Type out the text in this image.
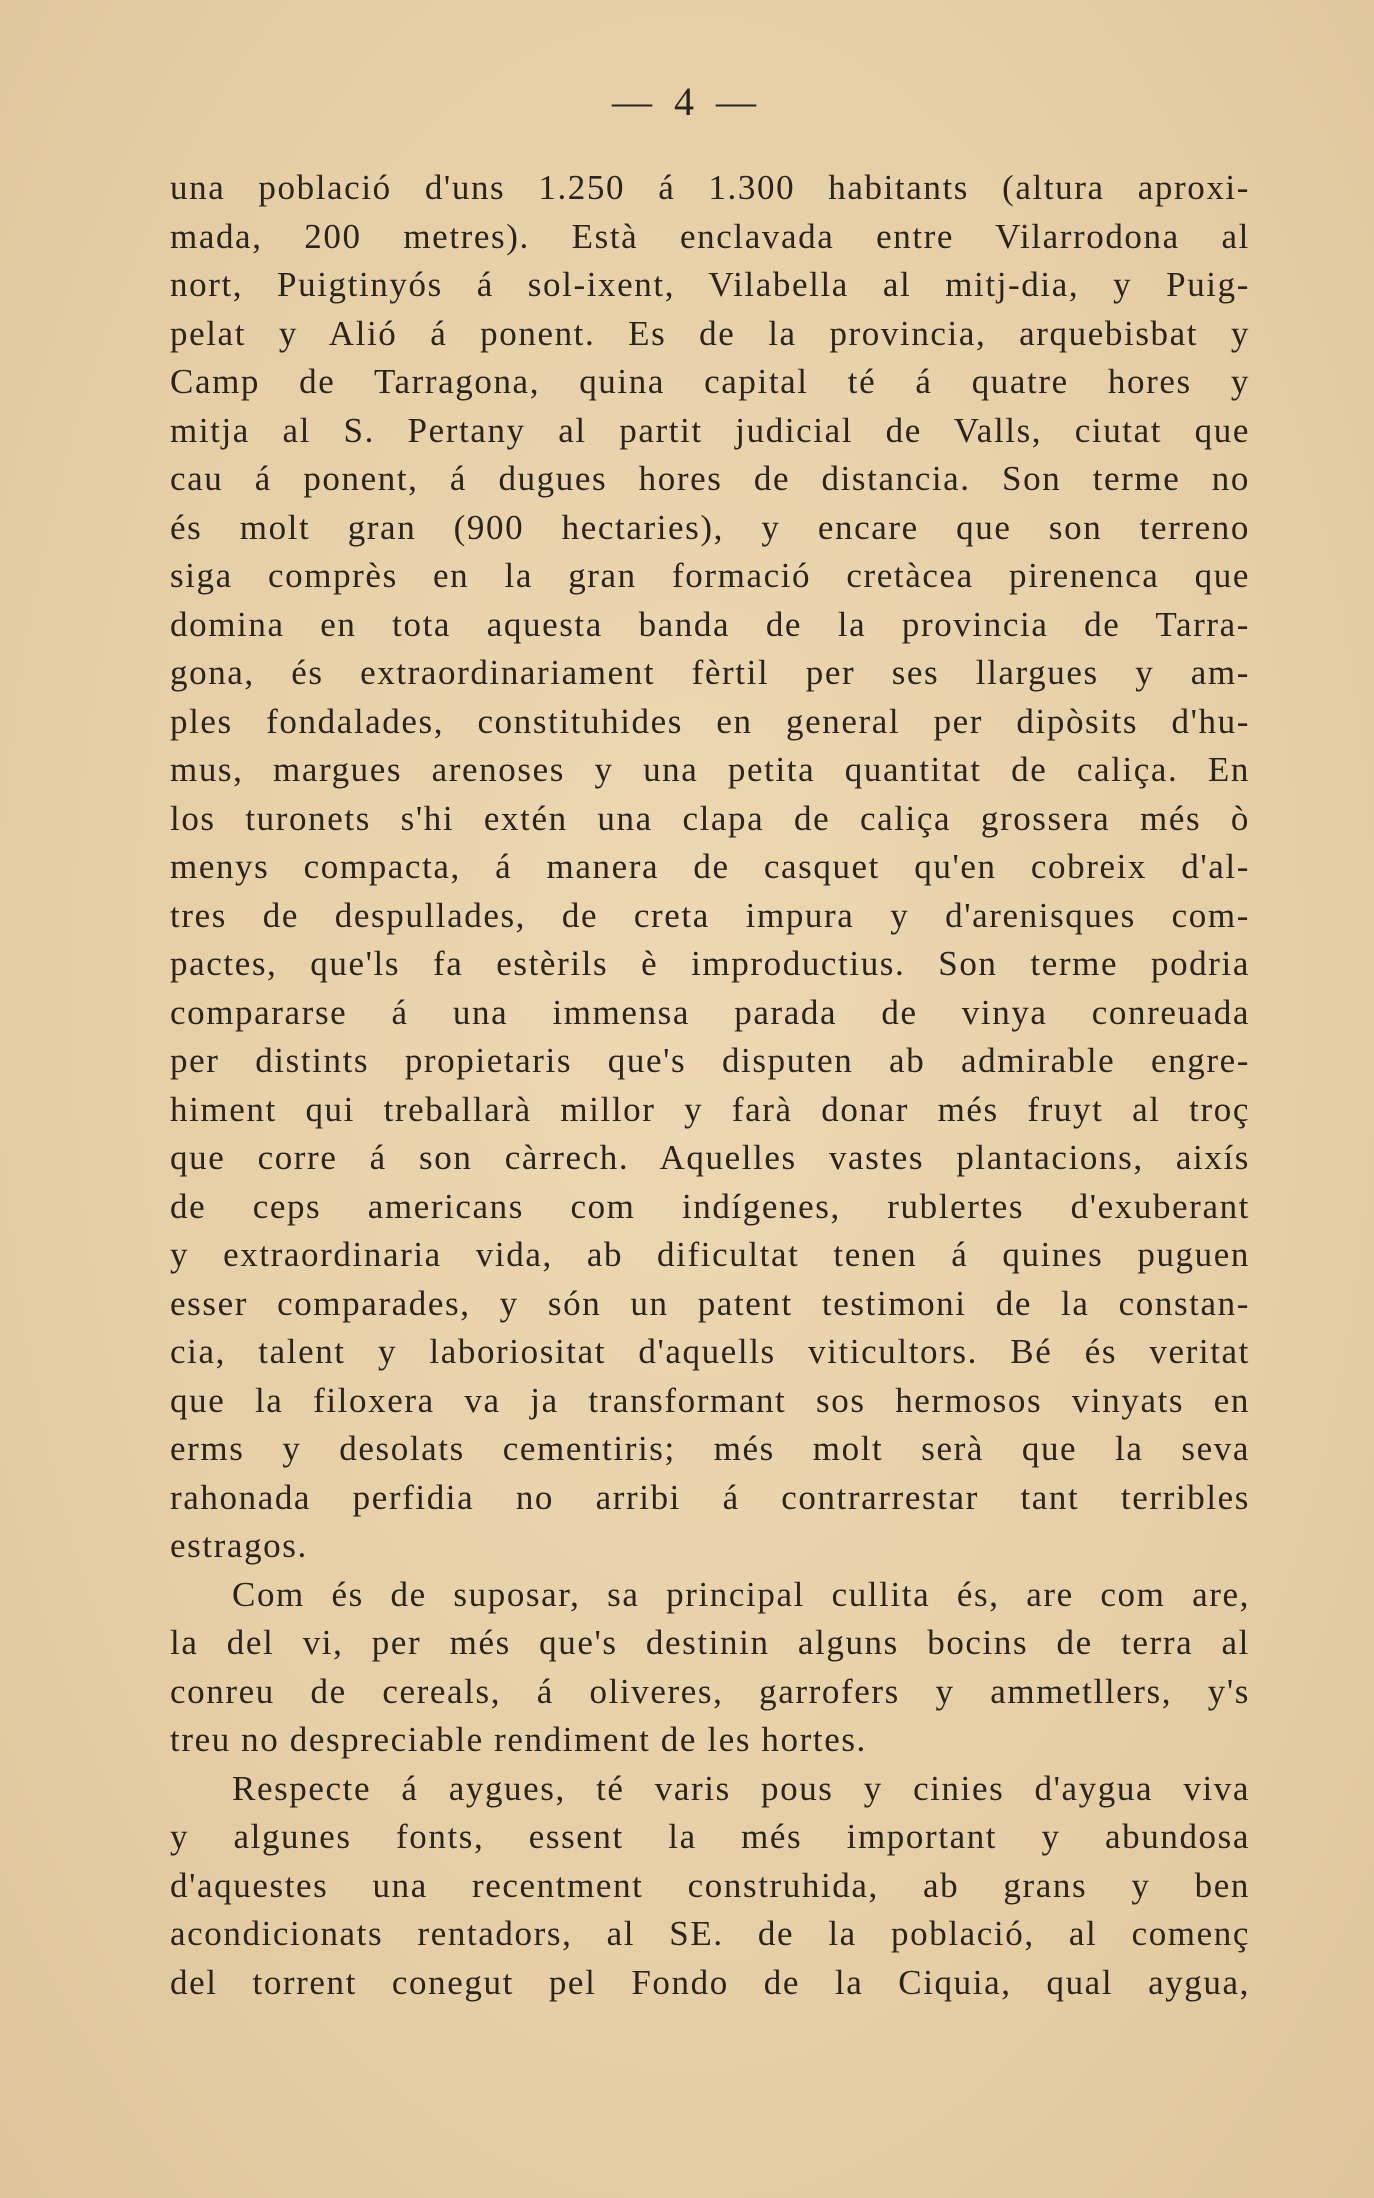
— 4 —
una població d'uns 1.250 á 1.300 habitants (altura aproxi-
mada, 200 metres). Està enclavada entre Vilarrodona al
nort, Puigtinyós á sol-ixent, Vilabella al mitj-dia, y Puig-
pelat y Alió á ponent. Es de la provincia, arquebisbat y
Camp de Tarragona, quina capital té á quatre hores y
mitja al S. Pertany al partit judicial de Valls, ciutat que
cau á ponent, á dugues hores de distancia. Son terme no
és molt gran (900 hectaries), y encare que son terreno
siga comprès en la gran formació cretàcea pirenenca que
domina en tota aquesta banda de la provincia de Tarra-
gona, és extraordinariament fèrtil per ses llargues y am-
ples fondalades, constituhides en general per dipòsits d'hu-
mus, margues arenoses y una petita quantitat de caliça. En
los turonets s'hi extén una clapa de caliça grossera més ò
menys compacta, á manera de casquet qu'en cobreix d'al-
tres de despullades, de creta impura y d'arenisques com-
pactes, que'ls fa estèrils è improductius. Son terme podria
compararse á una immensa parada de vinya conreuada
per distints propietaris que's disputen ab admirable engre-
himent qui treballarà millor y farà donar més fruyt al troç
que corre á son càrrech. Aquelles vastes plantacions, aixís
de ceps americans com indígenes, rublertes d'exuberant
y extraordinaria vida, ab dificultat tenen á quines puguen
esser comparades, y són un patent testimoni de la constan-
cia, talent y laboriositat d'aquells viticultors. Bé és veritat
que la filoxera va ja transformant sos hermosos vinyats en
erms y desolats cementiris; més molt serà que la seva
rahonada perfidia no arribi á contrarrestar tant terribles
estragos.
Com és de suposar, sa principal cullita és, are com are,
la del vi, per més que's destinin alguns bocins de terra al
conreu de cereals, á oliveres, garrofers y ammetllers, y's
treu no despreciable rendiment de les hortes.
Respecte á aygues, té varis pous y cinies d'aygua viva
y algunes fonts, essent la més important y abundosa
d'aquestes una recentment construhida, ab grans y ben
acondicionats rentadors, al SE. de la població, al començ
del torrent conegut pel Fondo de la Ciquia, qual aygua,
